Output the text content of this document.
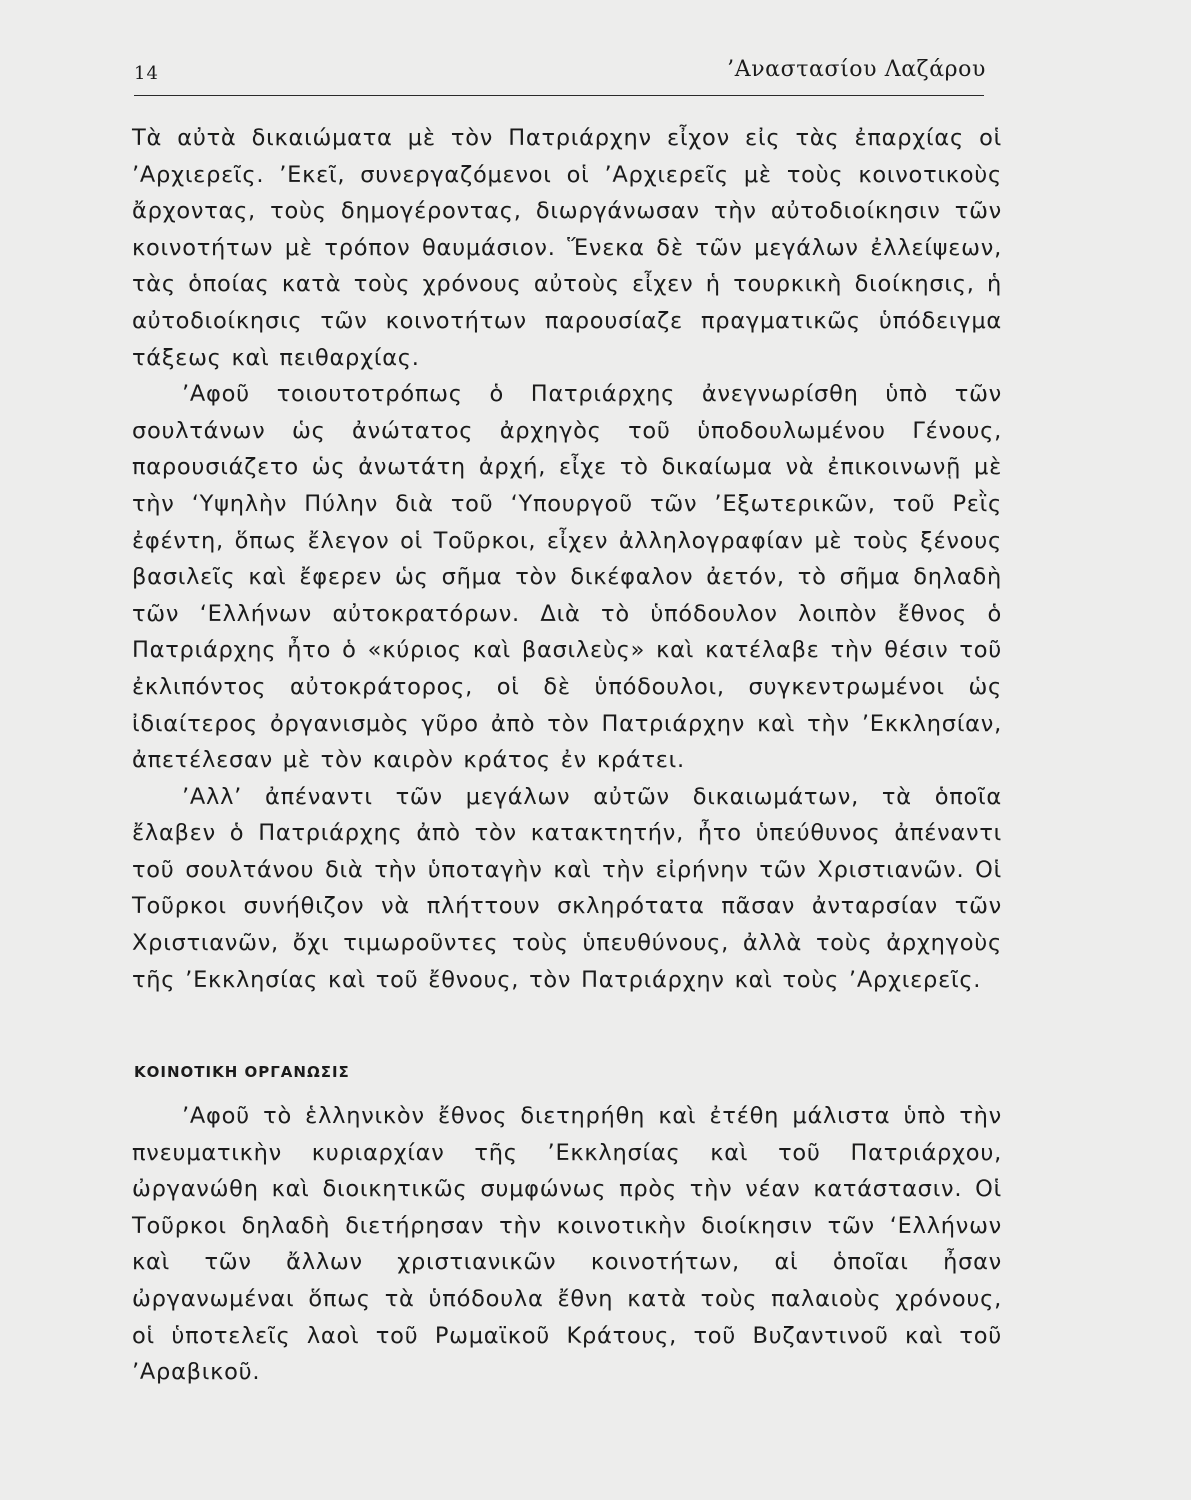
14	’Αναστασίου Λαζάρου

Τὰ αὐτὰ δικαιώματα μὲ τὸν Πατριάρχην εἶχον εἰς τὰς ἐπαρχίας οἱ ’Αρχιερεῖς. ’Εκεῖ, συνεργαζόμενοι οἱ ’Αρχιερεῖς μὲ τοὺς κοινοτικοὺς ἄρχοντας, τοὺς δημογέροντας, διωργάνωσαν τὴν αὐτοδιοίκησιν τῶν κοινοτήτων μὲ τρόπον θαυμάσιον. Ἕνεκα δὲ τῶν μεγάλων ἐλλείψεων, τὰς ὁποίας κατὰ τοὺς χρόνους αὐτοὺς εἶχεν ἡ τουρκικὴ διοίκησις, ἡ αὐτοδιοίκησις τῶν κοινοτήτων παρουσίαζε πραγματικῶς ὑπόδειγμα τάξεως καὶ πειθαρχίας.

’Αφοῦ τοιουτοτρόπως ὁ Πατριάρχης ἀνεγνωρίσθη ὑπὸ τῶν σουλτάνων ὡς ἀνώτατος ἀρχηγὸς τοῦ ὑποδουλωμένου Γένους, παρουσιάζετο ὡς ἀνωτάτη ἀρχή, εἶχε τὸ δικαίωμα νὰ ἐπικοινωνῇ μὲ τὴν ‘Υψηλὴν Πύλην διὰ τοῦ ‘Υπουργοῦ τῶν ’Εξωτερικῶν, τοῦ Ρεῒς ἐφέντη, ὅπως ἔλεγον οἱ Τοῦρκοι, εἶχεν ἀλληλογραφίαν μὲ τοὺς ξένους βασιλεῖς καὶ ἔφερεν ὡς σῆμα τὸν δικέφαλον ἀετόν, τὸ σῆμα δηλαδὴ τῶν ‘Ελλήνων αὐτοκρατόρων. Διὰ τὸ ὑπόδουλον λοιπὸν ἔθνος ὁ Πατριάρχης ἦτο ὁ «κύριος καὶ βασιλεὺς» καὶ κατέλαβε τὴν θέσιν τοῦ ἐκλιπόντος αὐτοκράτορος, οἱ δὲ ὑπόδουλοι, συγκεντρωμένοι ὡς ἰδιαίτερος ὀργανισμὸς γῦρο ἀπὸ τὸν Πατριάρχην καὶ τὴν ’Εκκλησίαν, ἀπετέλεσαν μὲ τὸν καιρὸν κράτος ἐν κράτει.

’Αλλ’ ἀπέναντι τῶν μεγάλων αὐτῶν δικαιωμάτων, τὰ ὁποῖα ἔλαβεν ὁ Πατριάρχης ἀπὸ τὸν κατακτητήν, ἦτο ὑπεύθυνος ἀπέναντι τοῦ σουλτάνου διὰ τὴν ὑποταγὴν καὶ τὴν εἰρήνην τῶν Χριστιανῶν. Οἱ Τοῦρκοι συνήθιζον νὰ πλήττουν σκληρότατα πᾶσαν ἀνταρσίαν τῶν Χριστιανῶν, ὄχι τιμωροῦντες τοὺς ὑπευθύνους, ἀλλὰ τοὺς ἀρχηγοὺς τῆς ’Εκκλησίας καὶ τοῦ ἔθνους, τὸν Πατριάρχην καὶ τοὺς ’Αρχιερεῖς.

ΚΟΙΝΟΤΙΚΗ ΟΡΓΑΝΩΣΙΣ

’Αφοῦ τὸ ἑλληνικὸν ἔθνος διετηρήθη καὶ ἐτέθη μάλιστα ὑπὸ τὴν πνευματικὴν κυριαρχίαν τῆς ’Εκκλησίας καὶ τοῦ Πατριάρχου, ὠργανώθη καὶ διοικητικῶς συμφώνως πρὸς τὴν νέαν κατάστασιν. Οἱ Τοῦρκοι δηλαδὴ διετήρησαν τὴν κοινοτικὴν διοίκησιν τῶν ‘Ελλήνων καὶ τῶν ἄλλων χριστιανικῶν κοινοτήτων, αἱ ὁποῖαι ἦσαν ὠργανωμέναι ὅπως τὰ ὑπόδουλα ἔθνη κατὰ τοὺς παλαιοὺς χρόνους, οἱ ὑποτελεῖς λαοὶ τοῦ Ρωμαϊκοῦ Κράτους, τοῦ Βυζαντινοῦ καὶ τοῦ ’Αραβικοῦ.
